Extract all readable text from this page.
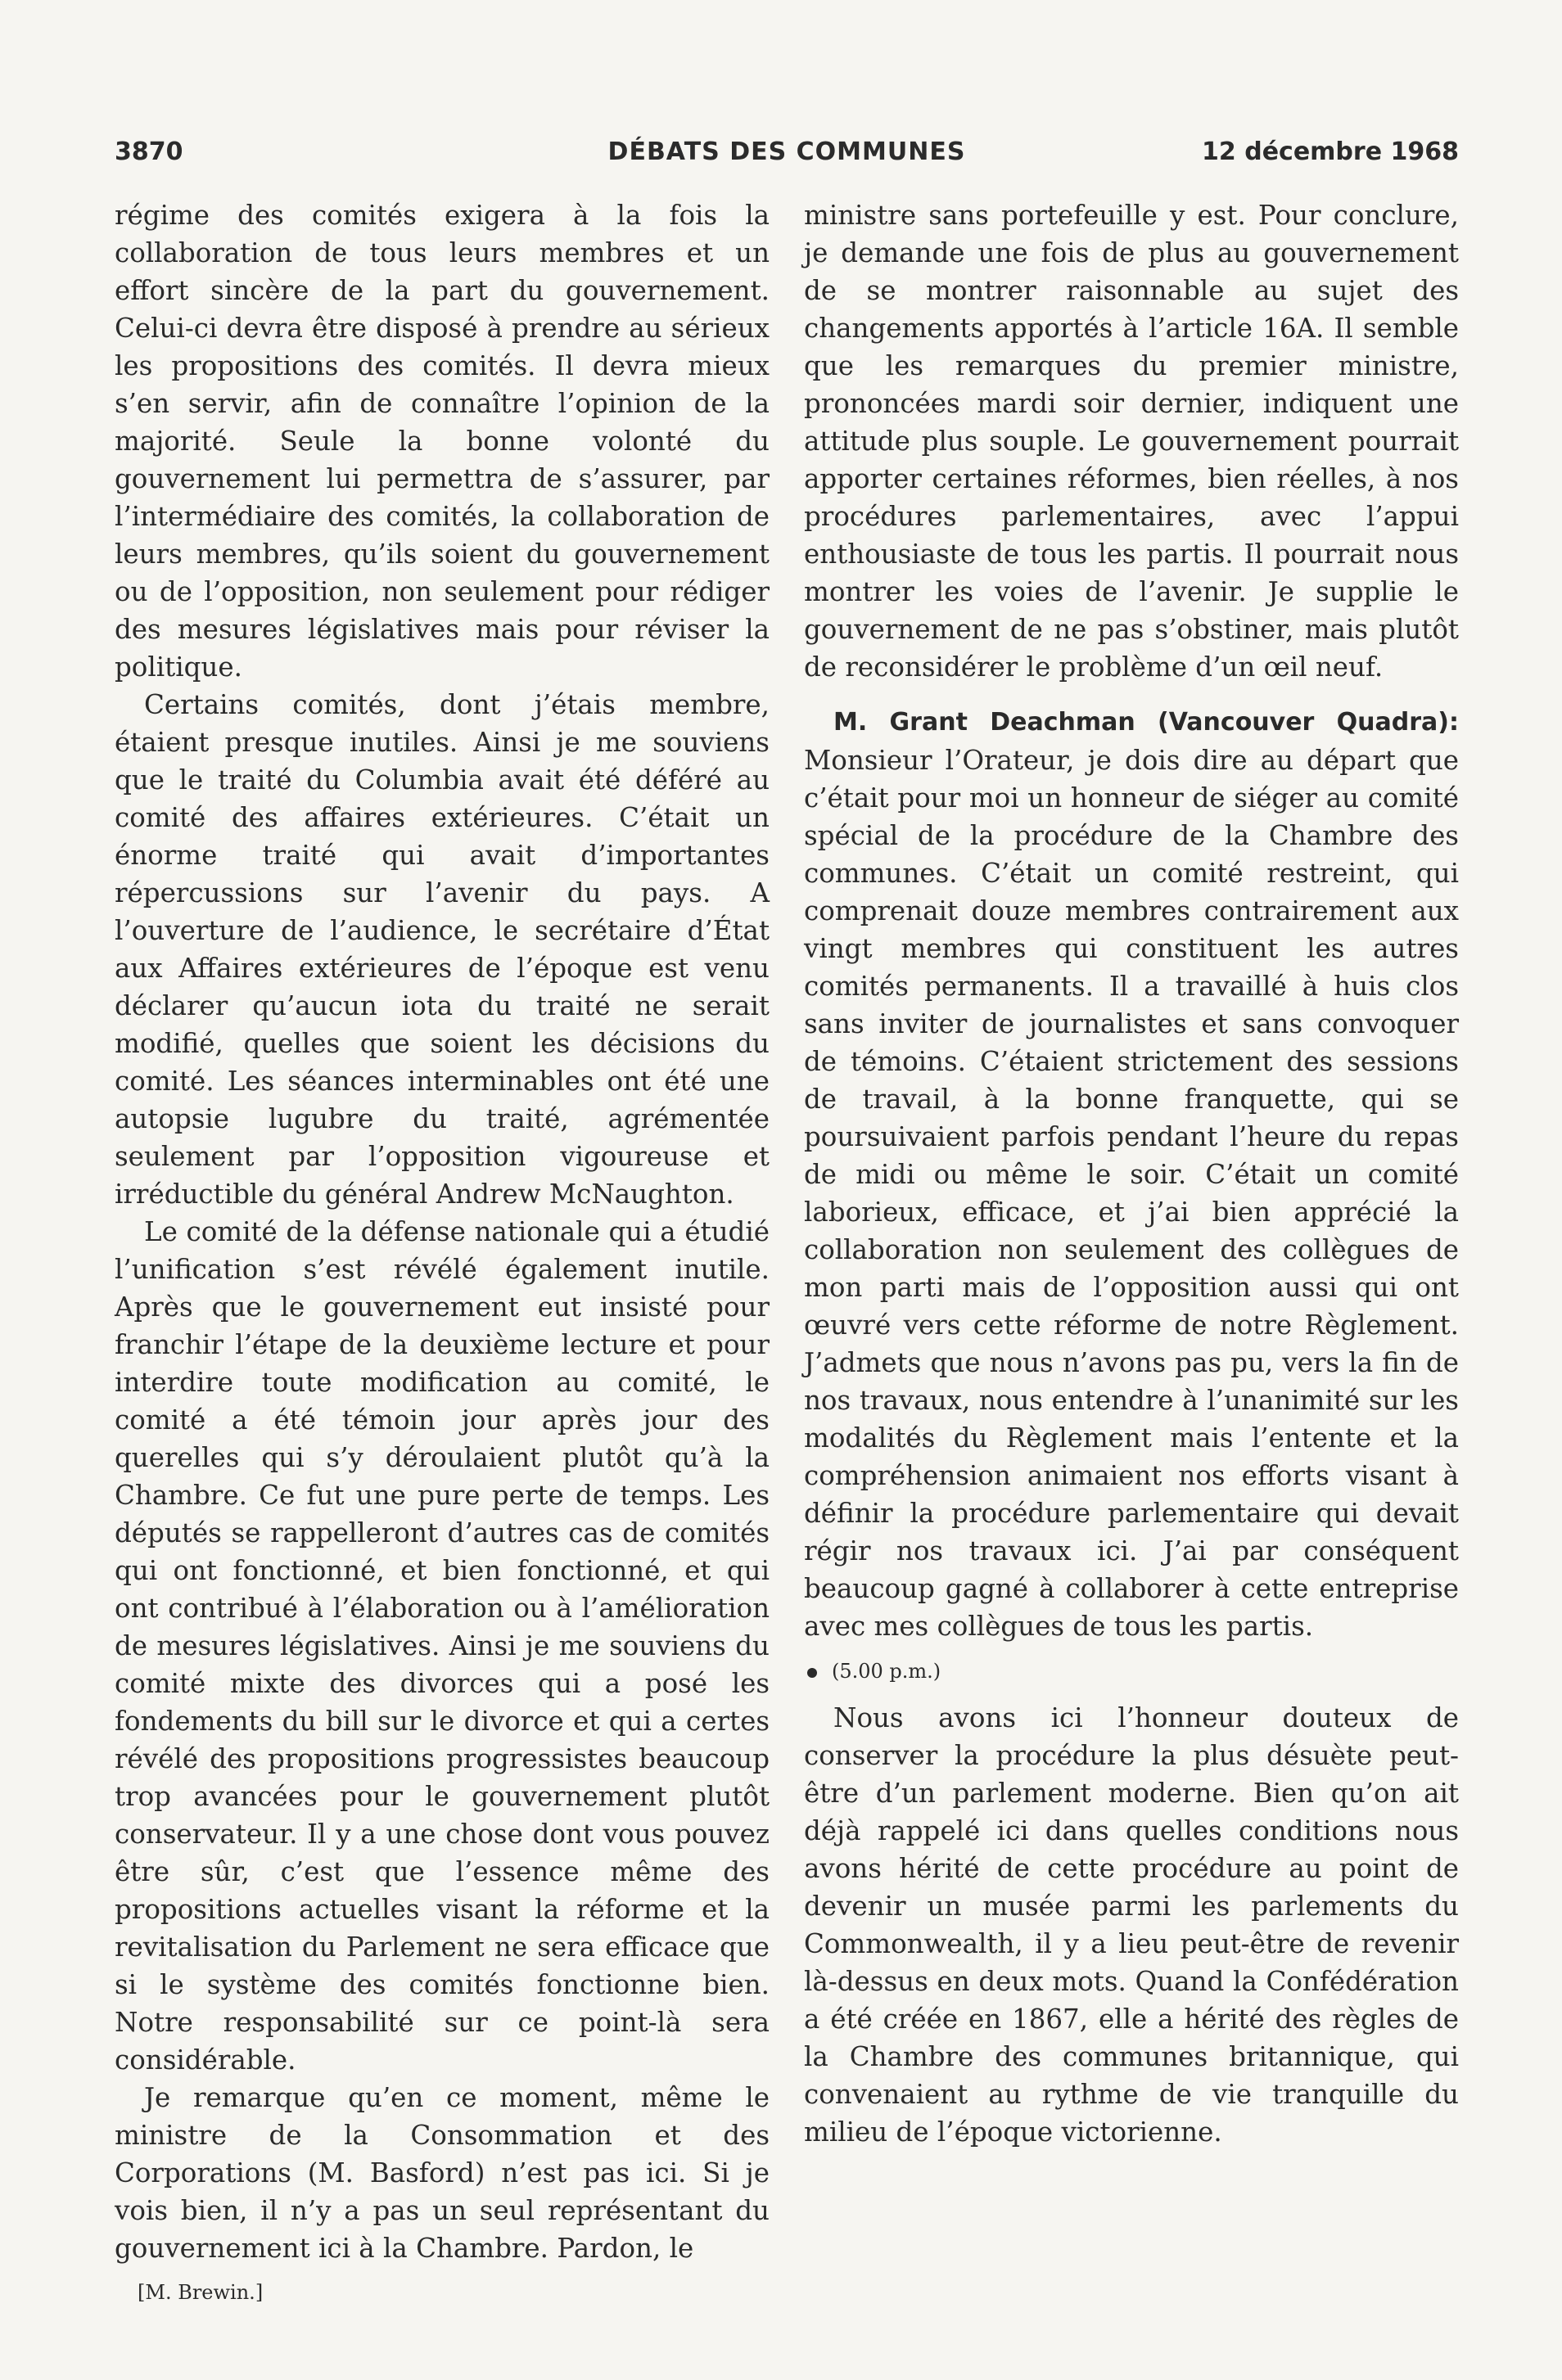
3870	DÉBATS DES COMMUNES	12 décembre 1968

régime des comités exigera à la fois la collaboration de tous leurs membres et un effort sincère de la part du gouvernement. Celui-ci devra être disposé à prendre au sérieux les propositions des comités. Il devra mieux s’en servir, afin de connaître l’opinion de la majorité. Seule la bonne volonté du gouvernement lui permettra de s’assurer, par l’intermédiaire des comités, la collaboration de leurs membres, qu’ils soient du gouvernement ou de l’opposition, non seulement pour rédiger des mesures législatives mais pour réviser la politique.

Certains comités, dont j’étais membre, étaient presque inutiles. Ainsi je me souviens que le traité du Columbia avait été déféré au comité des affaires extérieures. C’était un énorme traité qui avait d’importantes répercussions sur l’avenir du pays. A l’ouverture de l’audience, le secrétaire d’État aux Affaires extérieures de l’époque est venu déclarer qu’aucun iota du traité ne serait modifié, quelles que soient les décisions du comité. Les séances interminables ont été une autopsie lugubre du traité, agrémentée seulement par l’opposition vigoureuse et irréductible du général Andrew McNaughton.

Le comité de la défense nationale qui a étudié l’unification s’est révélé également inutile. Après que le gouvernement eut insisté pour franchir l’étape de la deuxième lecture et pour interdire toute modification au comité, le comité a été témoin jour après jour des querelles qui s’y déroulaient plutôt qu’à la Chambre. Ce fut une pure perte de temps. Les députés se rappelleront d’autres cas de comités qui ont fonctionné, et bien fonctionné, et qui ont contribué à l’élaboration ou à l’amélioration de mesures législatives. Ainsi je me souviens du comité mixte des divorces qui a posé les fondements du bill sur le divorce et qui a certes révélé des propositions progressistes beaucoup trop avancées pour le gouvernement plutôt conservateur. Il y a une chose dont vous pouvez être sûr, c’est que l’essence même des propositions actuelles visant la réforme et la revitalisation du Parlement ne sera efficace que si le système des comités fonctionne bien. Notre responsabilité sur ce point-là sera considérable.

Je remarque qu’en ce moment, même le ministre de la Consommation et des Corporations (M. Basford) n’est pas ici. Si je vois bien, il n’y a pas un seul représentant du gouvernement ici à la Chambre. Pardon, le

[M. Brewin.]

ministre sans portefeuille y est. Pour conclure, je demande une fois de plus au gouvernement de se montrer raisonnable au sujet des changements apportés à l’article 16A. Il semble que les remarques du premier ministre, prononcées mardi soir dernier, indiquent une attitude plus souple. Le gouvernement pourrait apporter certaines réformes, bien réelles, à nos procédures parlementaires, avec l’appui enthousiaste de tous les partis. Il pourrait nous montrer les voies de l’avenir. Je supplie le gouvernement de ne pas s’obstiner, mais plutôt de reconsidérer le problème d’un œil neuf.

M. Grant Deachman (Vancouver Quadra): Monsieur l’Orateur, je dois dire au départ que c’était pour moi un honneur de siéger au comité spécial de la procédure de la Chambre des communes. C’était un comité restreint, qui comprenait douze membres contrairement aux vingt membres qui constituent les autres comités permanents. Il a travaillé à huis clos sans inviter de journalistes et sans convoquer de témoins. C’étaient strictement des sessions de travail, à la bonne franquette, qui se poursuivaient parfois pendant l’heure du repas de midi ou même le soir. C’était un comité laborieux, efficace, et j’ai bien apprécié la collaboration non seulement des collègues de mon parti mais de l’opposition aussi qui ont œuvré vers cette réforme de notre Règlement. J’admets que nous n’avons pas pu, vers la fin de nos travaux, nous entendre à l’unanimité sur les modalités du Règlement mais l’entente et la compréhension animaient nos efforts visant à définir la procédure parlementaire qui devait régir nos travaux ici. J’ai par conséquent beaucoup gagné à collaborer à cette entreprise avec mes collègues de tous les partis.

(5.00 p.m.)

Nous avons ici l’honneur douteux de conserver la procédure la plus désuète peut-être d’un parlement moderne. Bien qu’on ait déjà rappelé ici dans quelles conditions nous avons hérité de cette procédure au point de devenir un musée parmi les parlements du Commonwealth, il y a lieu peut-être de revenir là-dessus en deux mots. Quand la Confédération a été créée en 1867, elle a hérité des règles de la Chambre des communes britannique, qui convenaient au rythme de vie tranquille du milieu de l’époque victorienne.
